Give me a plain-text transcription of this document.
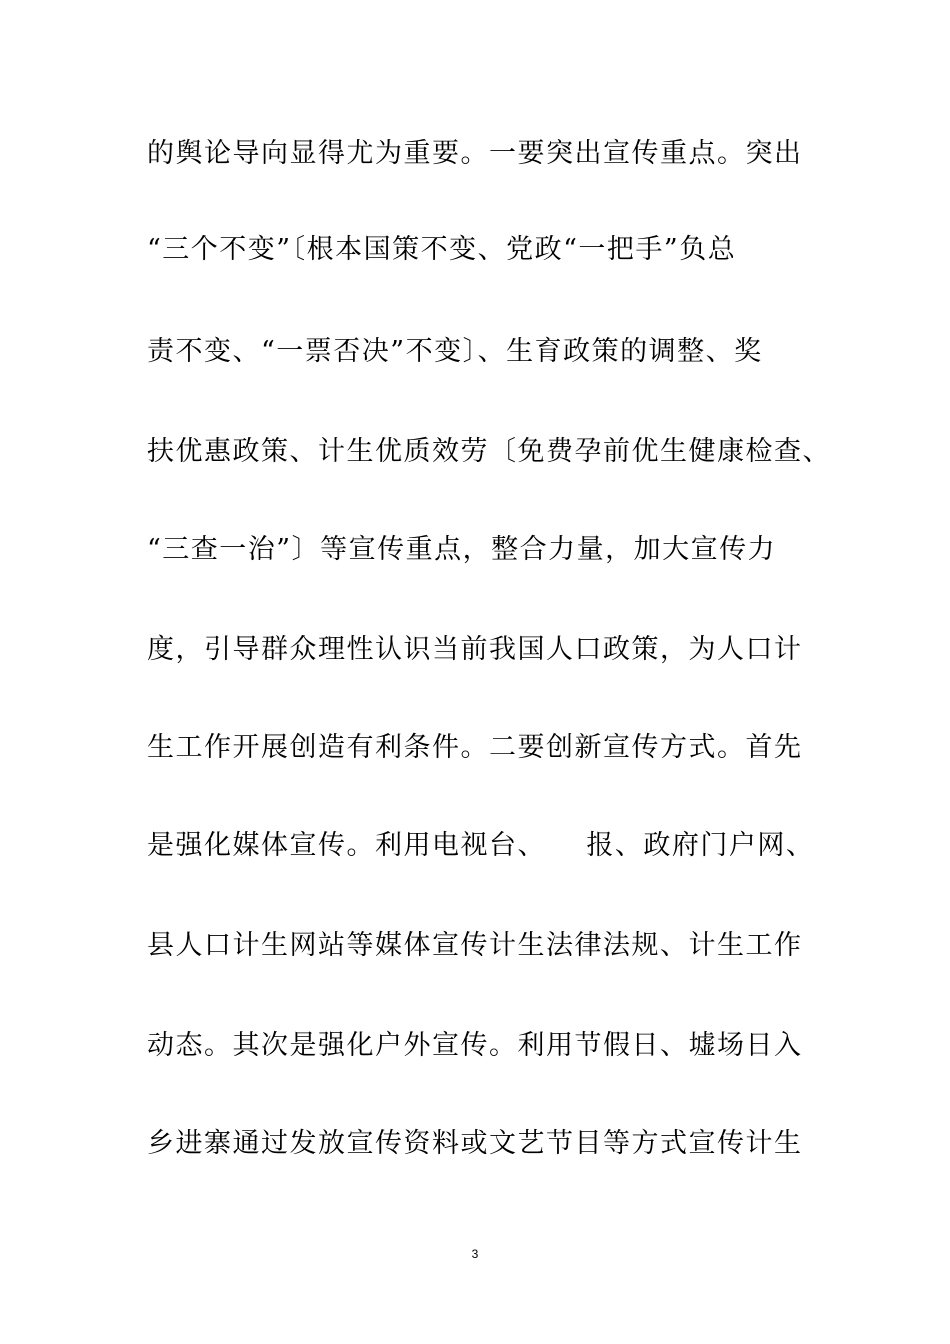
的舆论导向显得尤为重要。一要突出宣传重点。突出
“三个不变”〔根本国策不变、党政“一把手”负总
责不变、“一票否决”不变〕、生育政策的调整、奖
扶优惠政策、计生优质效劳〔免费孕前优生健康检查、
“三查一治”〕等宣传重点，整合力量，加大宣传力
度，引导群众理性认识当前我国人口政策，为人口计
生工作开展创造有利条件。二要创新宣传方式。首先
是强化媒体宣传。利用电视台、    报、政府门户网、
县人口计生网站等媒体宣传计生法律法规、计生工作
动态。其次是强化户外宣传。利用节假日、墟场日入
乡进寨通过发放宣传资料或文艺节目等方式宣传计生
3
